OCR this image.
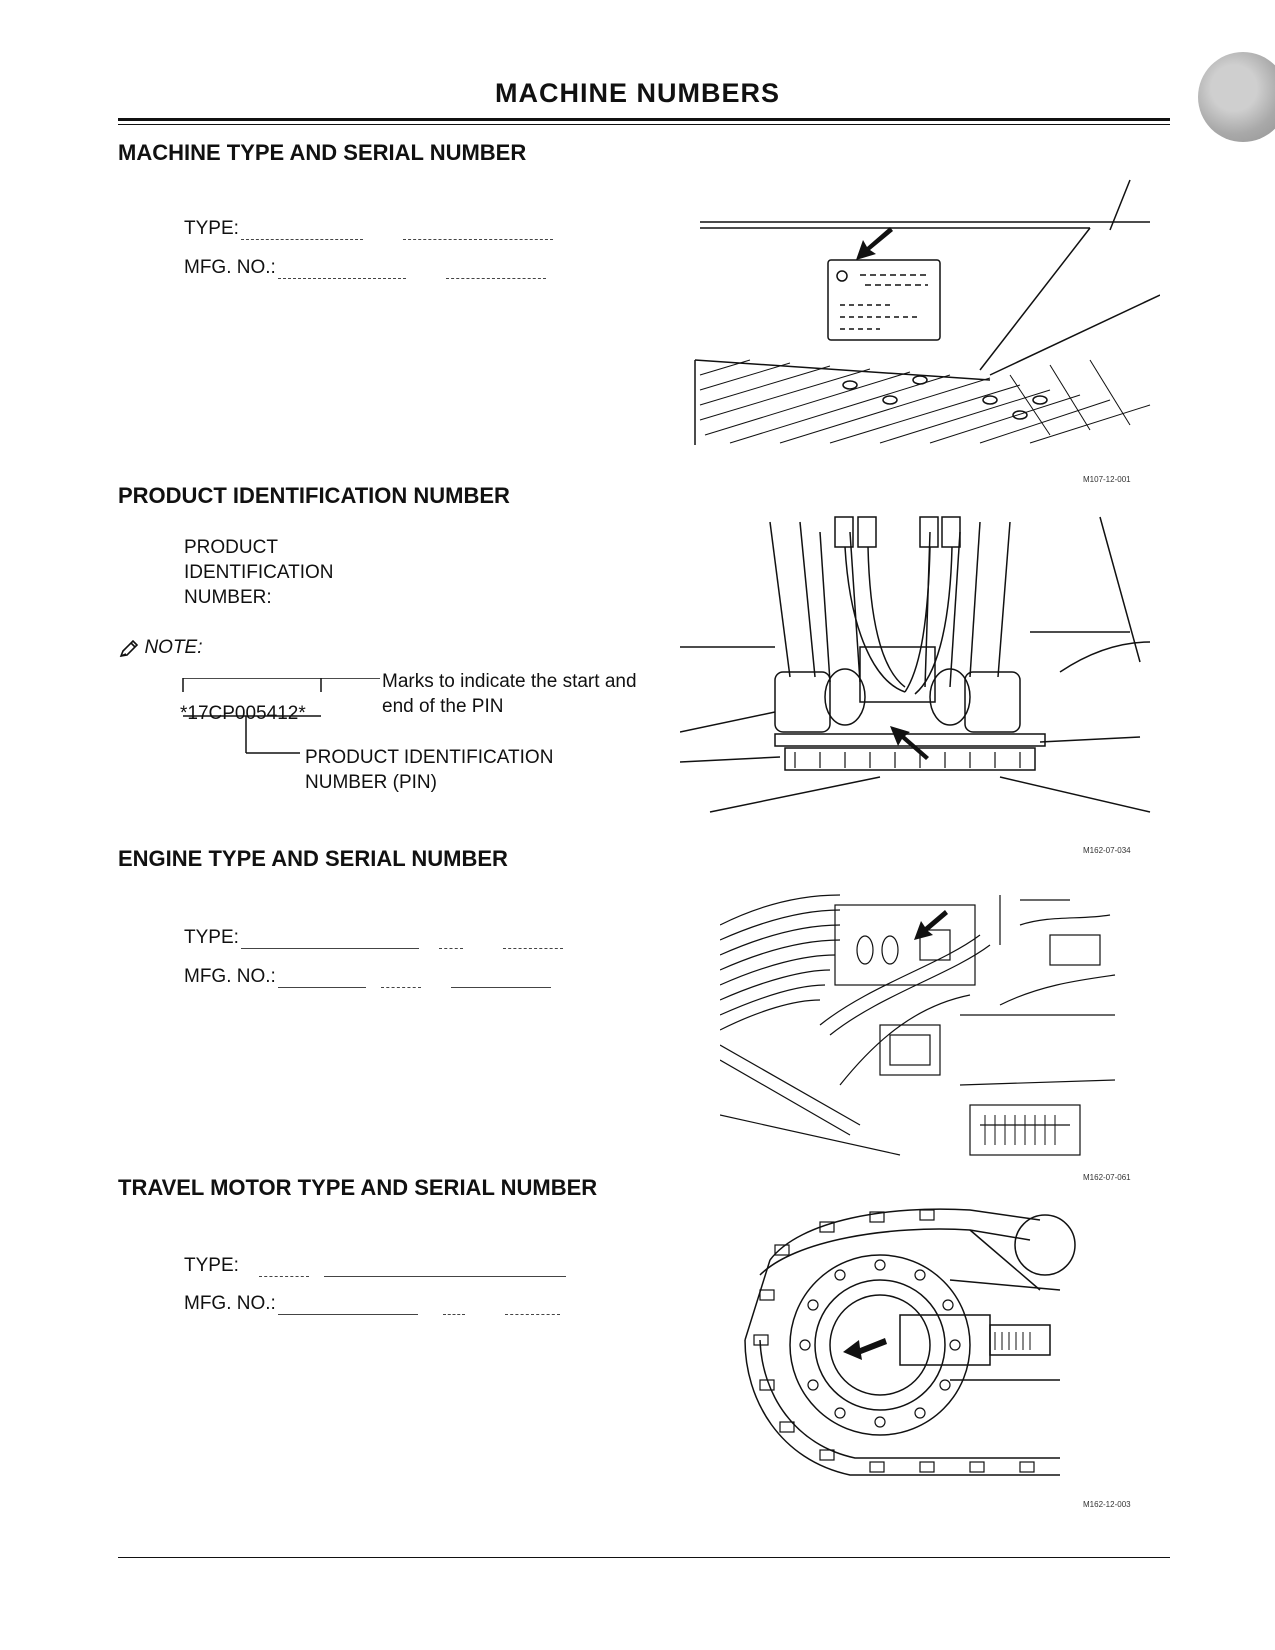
MACHINE NUMBERS
MACHINE TYPE AND SERIAL NUMBER
TYPE:
MFG. NO.:
M107-12-001
PRODUCT IDENTIFICATION NUMBER
PRODUCT
IDENTIFICATION
NUMBER:
NOTE:
*17CP005412*
Marks to indicate the start and
end of the PIN
PRODUCT IDENTIFICATION
NUMBER (PIN)
M162-07-034
ENGINE TYPE AND SERIAL NUMBER
TYPE:
MFG. NO.:
M162-07-061
TRAVEL MOTOR TYPE AND SERIAL NUMBER
TYPE:
MFG. NO.:
M162-12-003
